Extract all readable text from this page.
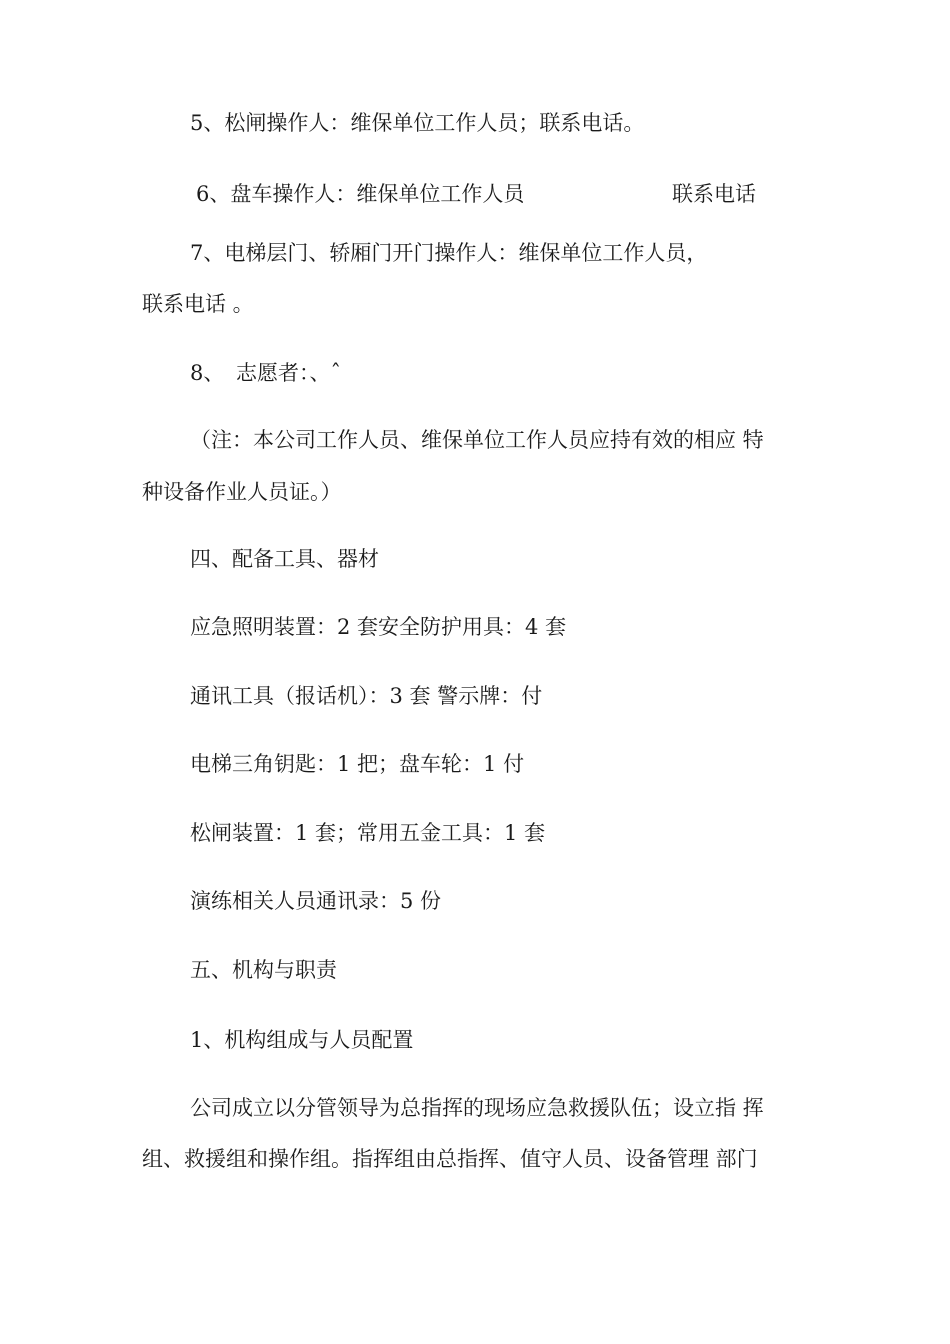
5、松闸操作人：维保单位工作人员；联系电话。

6、盘车操作人：维保单位工作人员	联系电话

7、电梯层门、轿厢门开门操作人：维保单位工作人员，

联系电话 。

8、 志愿者：、ˆ

（注：本公司工作人员、维保单位工作人员应持有效的相应 特

种设备作业人员证。）

四、配备工具、器材

应急照明装置：2 套安全防护用具：4 套

通讯工具（报话机）：3 套 警示牌：付

电梯三角钥匙：1 把；盘车轮：1 付

松闸装置：1 套；常用五金工具：1 套

演练相关人员通讯录：5 份

五、机构与职责

1、机构组成与人员配置

公司成立以分管领导为总指挥的现场应急救援队伍；设立指 挥

组、救援组和操作组。指挥组由总指挥、值守人员、设备管理 部门
